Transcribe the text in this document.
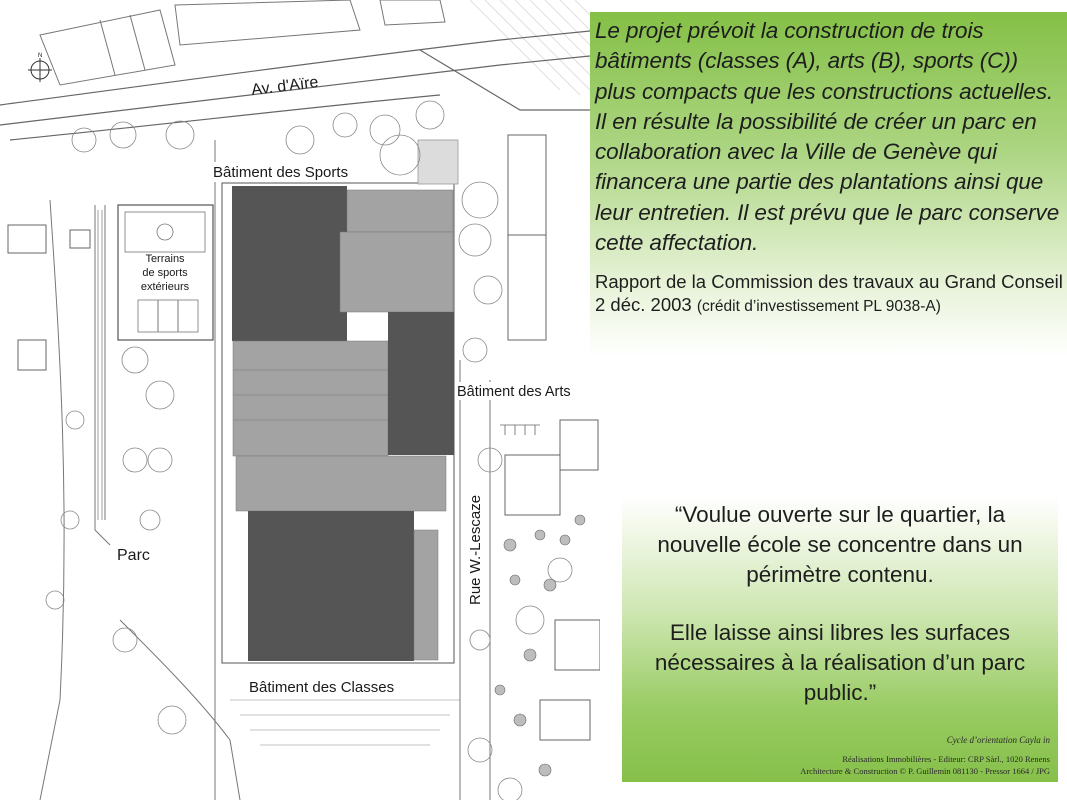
N
Terrains
de sports
extérieurs
Av. d'Aïre
Bâtiment des Sports
Bâtiment des Arts
Bâtiment des Classes
Rue W.-Lescaze
Parc

Le projet prévoit la construction de trois bâtiments (classes (A), arts (B), sports (C)) plus compacts que les constructions actuelles. Il en résulte la possibilité de créer un parc en collaboration avec la Ville de Genève qui financera une partie des plantations ainsi que leur entretien. Il est prévu que le parc conserve cette affectation.

Rapport de la Commission des travaux au Grand Conseil 2 déc. 2003 (crédit d’investissement PL 9038-A)

“Voulue ouverte sur le quartier, la nouvelle école se concentre dans un périmètre contenu.
Elle laisse ainsi libres les surfaces nécessaires à la réalisation d’un parc public.”
Cycle d’orientation Cayla in
Réalisations Immobilières - Editeur: CRP Sàrl., 1020 Renens
Architecture & Construction © P. Guillemin 081130 - Pressor 1664 / JPG
